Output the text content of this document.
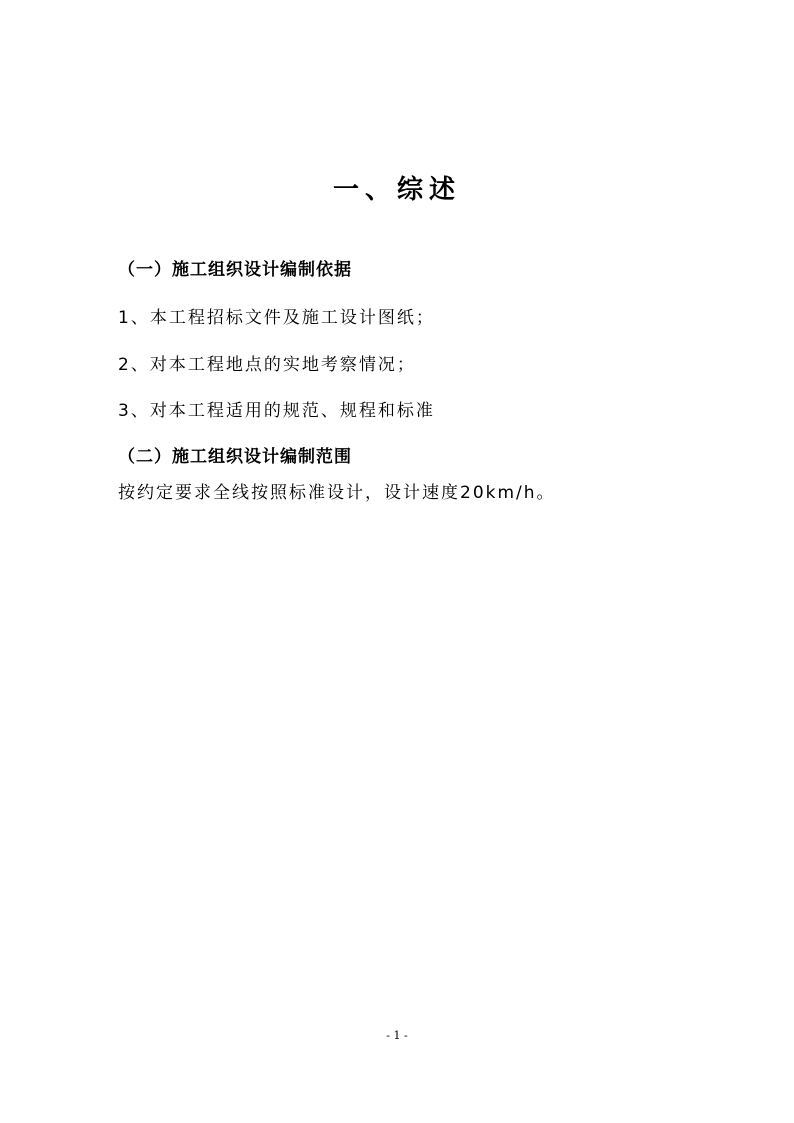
一、综述
（一）施工组织设计编制依据
1、本工程招标文件及施工设计图纸；
2、对本工程地点的实地考察情况；
3、对本工程适用的规范、规程和标准
（二）施工组织设计编制范围
按约定要求全线按照标准设计，设计速度20km/h。
- 1 -
